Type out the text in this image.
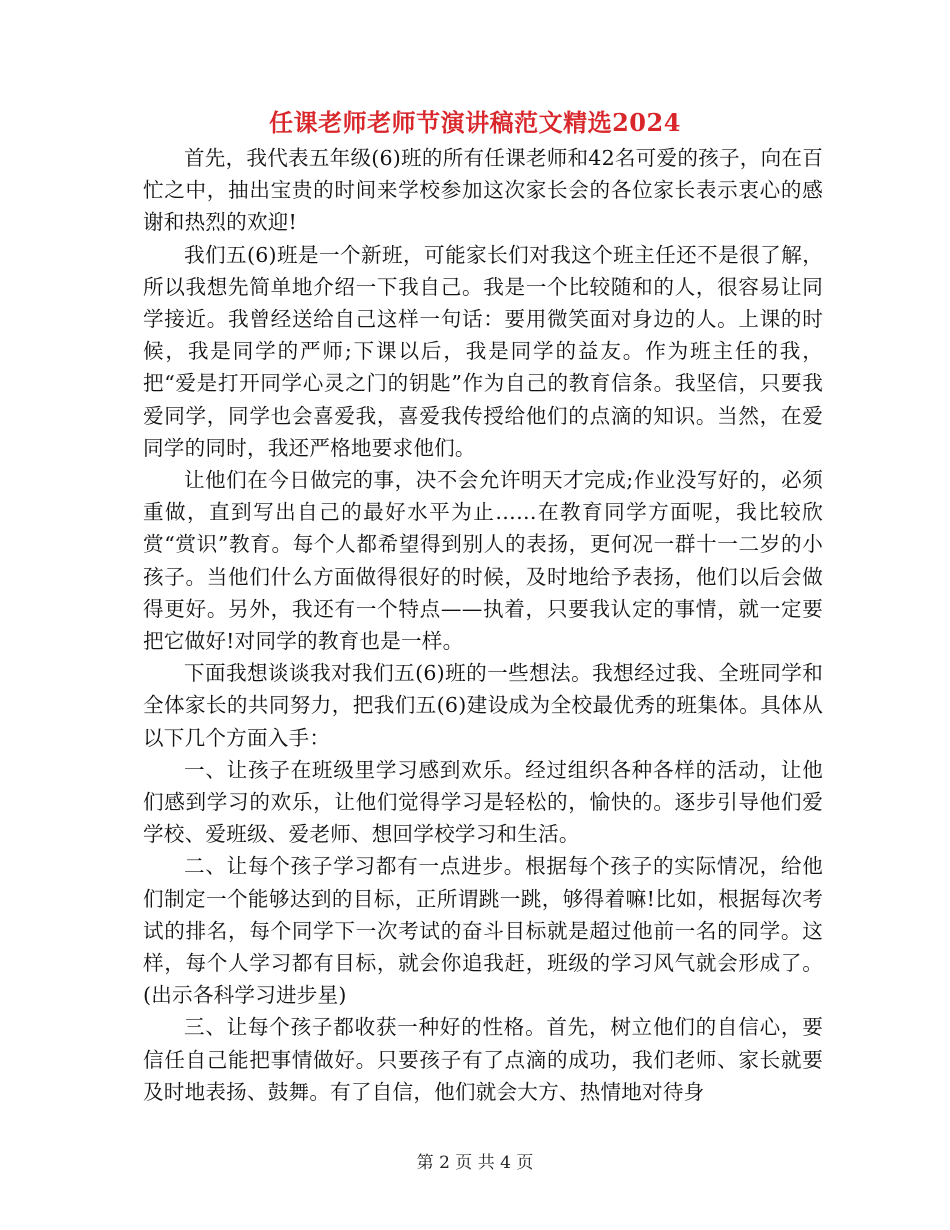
任课老师老师节演讲稿范文精选2024

首先，我代表五年级(6)班的所有任课老师和42名可爱的孩子，向在百忙之中，抽出宝贵的时间来学校参加这次家长会的各位家长表示衷心的感谢和热烈的欢迎!

我们五(6)班是一个新班，可能家长们对我这个班主任还不是很了解，所以我想先简单地介绍一下我自己。我是一个比较随和的人，很容易让同学接近。我曾经送给自己这样一句话：要用微笑面对身边的人。上课的时候，我是同学的严师;下课以后，我是同学的益友。作为班主任的我，把“爱是打开同学心灵之门的钥匙”作为自己的教育信条。我坚信，只要我爱同学，同学也会喜爱我，喜爱我传授给他们的点滴的知识。当然，在爱同学的同时，我还严格地要求他们。

让他们在今日做完的事，决不会允许明天才完成;作业没写好的，必须重做，直到写出自己的最好水平为止……在教育同学方面呢，我比较欣赏“赏识”教育。每个人都希望得到别人的表扬，更何况一群十一二岁的小孩子。当他们什么方面做得很好的时候，及时地给予表扬，他们以后会做得更好。另外，我还有一个特点——执着，只要我认定的事情，就一定要把它做好!对同学的教育也是一样。

下面我想谈谈我对我们五(6)班的一些想法。我想经过我、全班同学和全体家长的共同努力，把我们五(6)建设成为全校最优秀的班集体。具体从以下几个方面入手：

一、让孩子在班级里学习感到欢乐。经过组织各种各样的活动，让他们感到学习的欢乐，让他们觉得学习是轻松的，愉快的。逐步引导他们爱学校、爱班级、爱老师、想回学校学习和生活。

二、让每个孩子学习都有一点进步。根据每个孩子的实际情况，给他们制定一个能够达到的目标，正所谓跳一跳，够得着嘛!比如，根据每次考试的排名，每个同学下一次考试的奋斗目标就是超过他前一名的同学。这样，每个人学习都有目标，就会你追我赶，班级的学习风气就会形成了。(出示各科学习进步星)

三、让每个孩子都收获一种好的性格。首先，树立他们的自信心，要信任自己能把事情做好。只要孩子有了点滴的成功，我们老师、家长就要及时地表扬、鼓舞。有了自信，他们就会大方、热情地对待身

第 2 页 共 4 页
